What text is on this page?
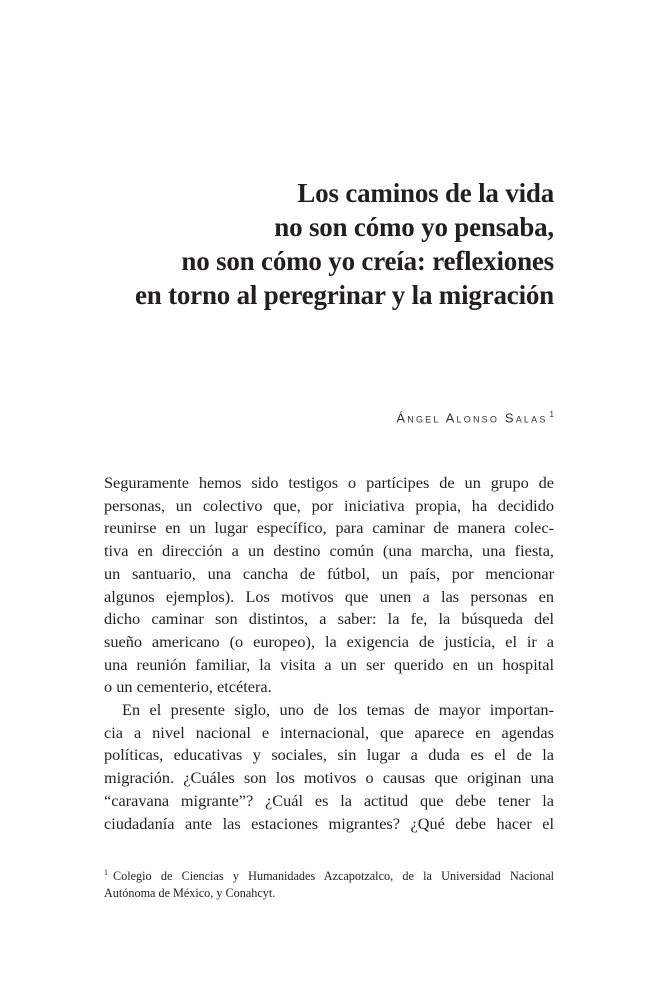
Los caminos de la vida
no son cómo yo pensaba,
no son cómo yo creía: reflexiones
en torno al peregrinar y la migración
Ángel Alonso Salas $^1$
Seguramente hemos sido testigos o partícipes de un grupo de
personas, un colectivo que, por iniciativa propia, ha decidido
reunirse en un lugar específico, para caminar de manera colec-
tiva en dirección a un destino común (una marcha, una fiesta,
un santuario, una cancha de fútbol, un país, por mencionar
algunos ejemplos). Los motivos que unen a las personas en
dicho caminar son distintos, a saber: la fe, la búsqueda del
sueño americano (o europeo), la exigencia de justicia, el ir a
una reunión familiar, la visita a un ser querido en un hospital
o un cementerio, etcétera.
En el presente siglo, uno de los temas de mayor importan-
cia a nivel nacional e internacional, que aparece en agendas
políticas, educativas y sociales, sin lugar a duda es el de la
migración. ¿Cuáles son los motivos o causas que originan una
“caravana migrante”? ¿Cuál es la actitud que debe tener la
ciudadanía ante las estaciones migrantes? ¿Qué debe hacer el
$^1$ Colegio de Ciencias y Humanidades Azcapotzalco, de la Universidad Nacional
Autónoma de México, y Conahcyt.
